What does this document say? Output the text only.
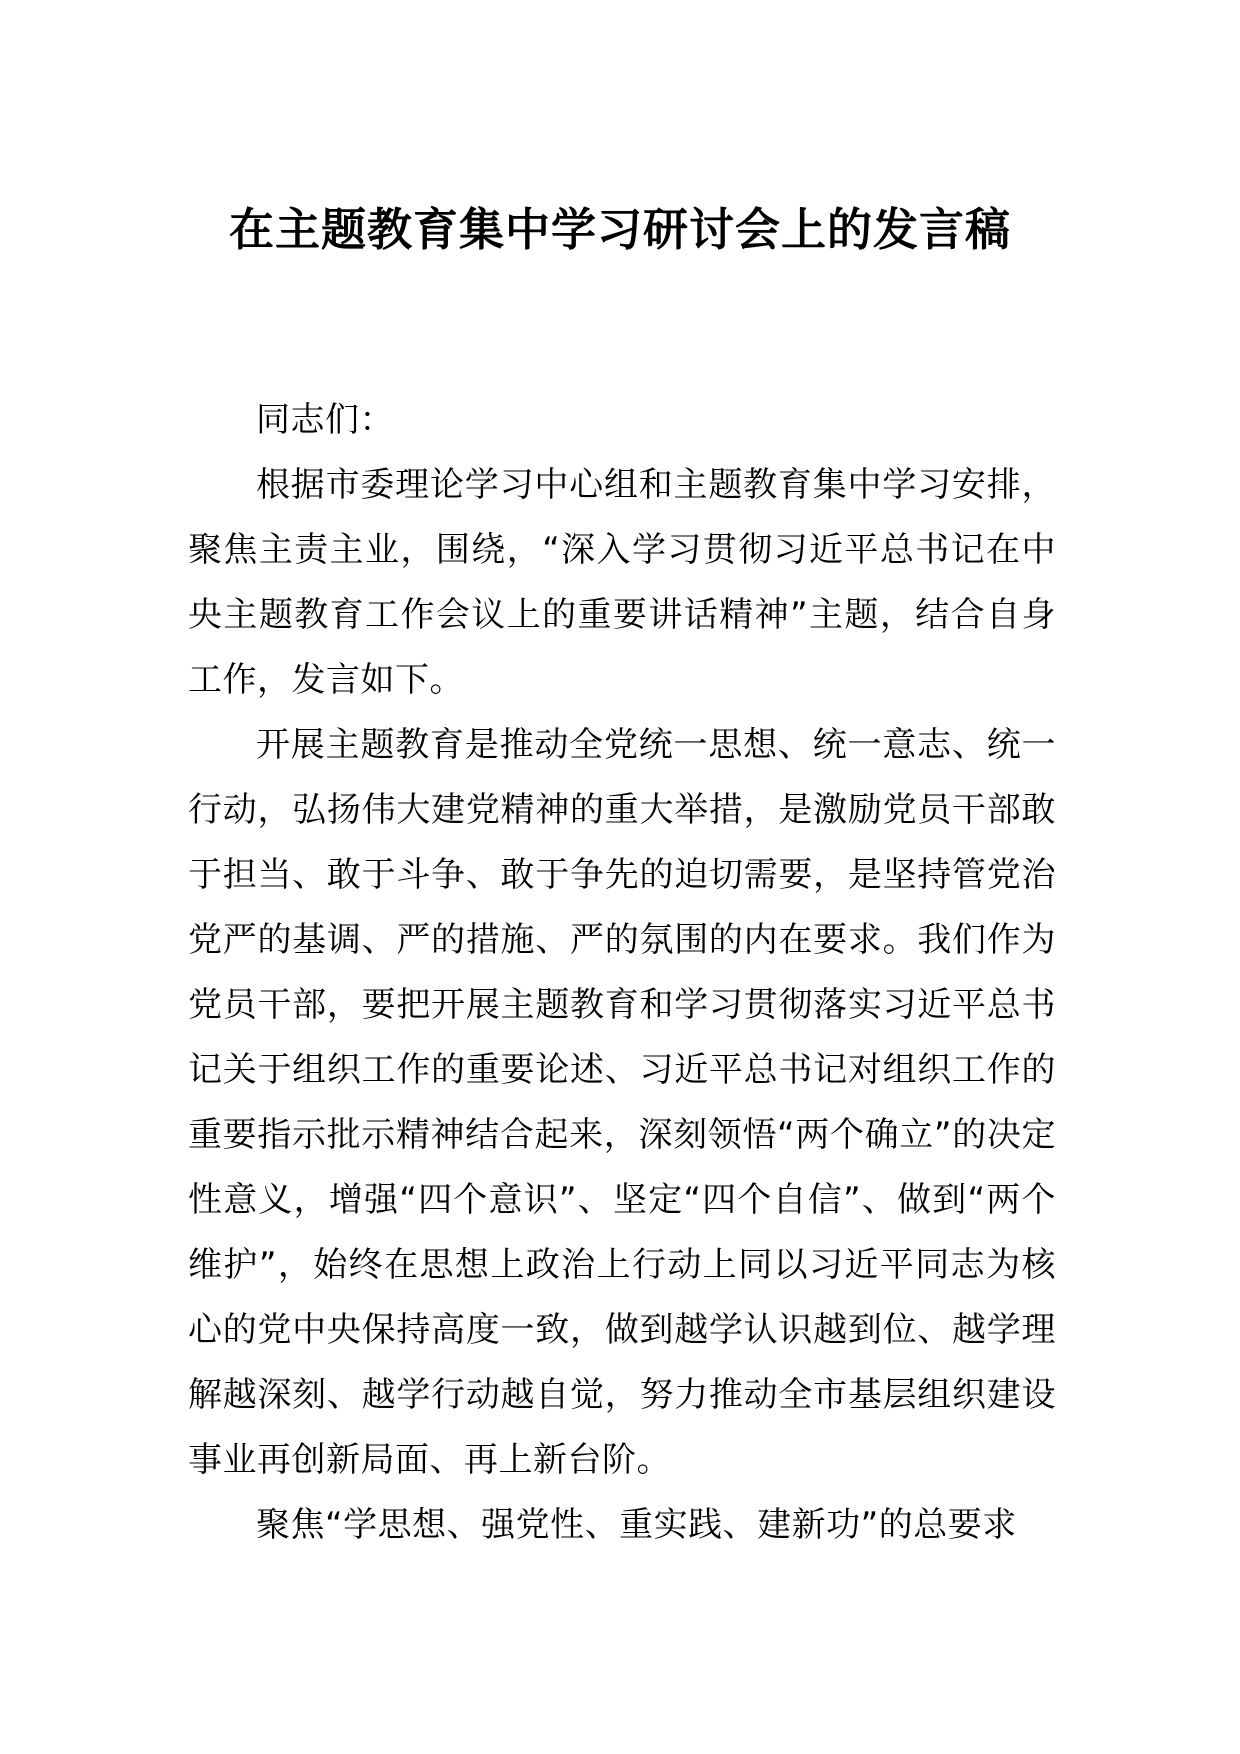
在主题教育集中学习研讨会上的发言稿

同志们：

根据市委理论学习中心组和主题教育集中学习安排，聚焦主责主业，围绕，“深入学习贯彻习近平总书记在中央主题教育工作会议上的重要讲话精神”主题，结合自身工作，发言如下。

开展主题教育是推动全党统一思想、统一意志、统一行动，弘扬伟大建党精神的重大举措，是激励党员干部敢于担当、敢于斗争、敢于争先的迫切需要，是坚持管党治党严的基调、严的措施、严的氛围的内在要求。我们作为党员干部，要把开展主题教育和学习贯彻落实习近平总书记关于组织工作的重要论述、习近平总书记对组织工作的重要指示批示精神结合起来，深刻领悟“两个确立”的决定性意义，增强“四个意识”、坚定“四个自信”、做到“两个维护”，始终在思想上政治上行动上同以习近平同志为核心的党中央保持高度一致，做到越学认识越到位、越学理解越深刻、越学行动越自觉，努力推动全市基层组织建设事业再创新局面、再上新台阶。

聚焦“学思想、强党性、重实践、建新功”的总要求
